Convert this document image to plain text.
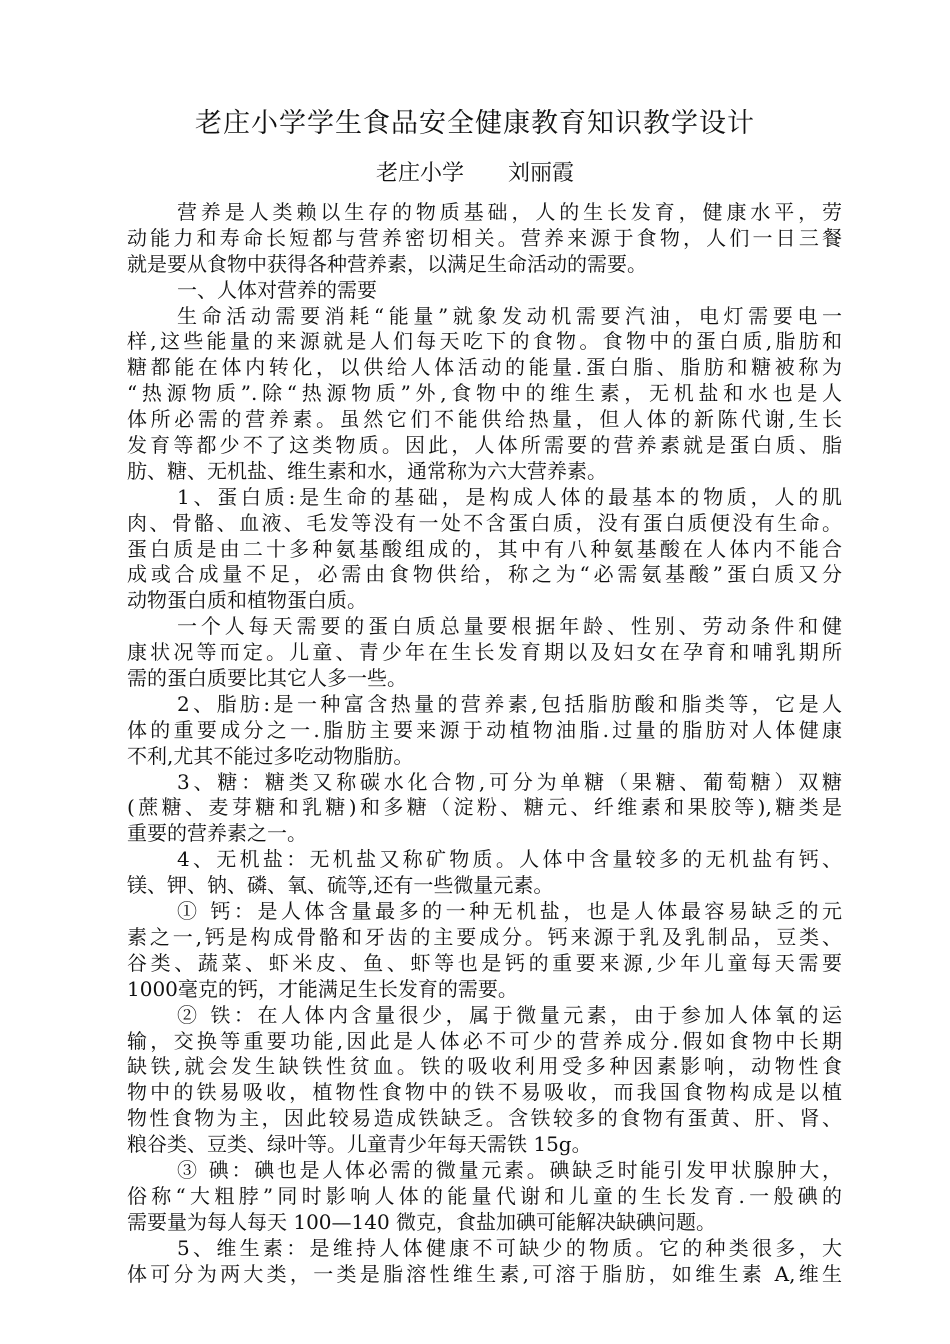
老庄小学学生食品安全健康教育知识教学设计
老庄小学 刘丽霞
营养是人类赖以生存的物质基础，人的生长发育，健康水平，劳
动能力和寿命长短都与营养密切相关。营养来源于食物，人们一日三餐
就是要从食物中获得各种营养素，以满足生命活动的需要。
一、人体对营养的需要
生命活动需要消耗“能量”就象发动机需要汽油，电灯需要电一
样,这些能量的来源就是人们每天吃下的食物。食物中的蛋白质,脂肪和
糖都能在体内转化，以供给人体活动的能量.蛋白脂、脂肪和糖被称为
“热源物质”.除“热源物质”外,食物中的维生素，无机盐和水也是人
体所必需的营养素。虽然它们不能供给热量，但人体的新陈代谢,生长
发育等都少不了这类物质。因此，人体所需要的营养素就是蛋白质、脂
肪、糖、无机盐、维生素和水，通常称为六大营养素。
1、蛋白质:是生命的基础，是构成人体的最基本的物质，人的肌
肉、骨骼、血液、毛发等没有一处不含蛋白质，没有蛋白质便没有生命。
蛋白质是由二十多种氨基酸组成的，其中有八种氨基酸在人体内不能合
成或合成量不足，必需由食物供给，称之为“必需氨基酸”蛋白质又分
动物蛋白质和植物蛋白质。
一个人每天需要的蛋白质总量要根据年龄、性别、劳动条件和健
康状况等而定。儿童、青少年在生长发育期以及妇女在孕育和哺乳期所
需的蛋白质要比其它人多一些。
2、脂肪:是一种富含热量的营养素,包括脂肪酸和脂类等，它是人
体的重要成分之一.脂肪主要来源于动植物油脂.过量的脂肪对人体健康
不利,尤其不能过多吃动物脂肪。
3、糖：糖类又称碳水化合物,可分为单糖（果糖、葡萄糖）双糖
(蔗糖、麦芽糖和乳糖)和多糖（淀粉、糖元、纤维素和果胶等),糖类是
重要的营养素之一。
4、无机盐：无机盐又称矿物质。人体中含量较多的无机盐有钙、
镁、钾、钠、磷、氧、硫等,还有一些微量元素。
① 钙：是人体含量最多的一种无机盐，也是人体最容易缺乏的元
素之一,钙是构成骨骼和牙齿的主要成分。钙来源于乳及乳制品，豆类、
谷类、蔬菜、虾米皮、鱼、虾等也是钙的重要来源,少年儿童每天需要
1000毫克的钙，才能满足生长发育的需要。
② 铁：在人体内含量很少，属于微量元素，由于参加人体氧的运
输，交换等重要功能,因此是人体必不可少的营养成分.假如食物中长期
缺铁,就会发生缺铁性贫血。铁的吸收利用受多种因素影响，动物性食
物中的铁易吸收，植物性食物中的铁不易吸收，而我国食物构成是以植
物性食物为主，因此较易造成铁缺乏。含铁较多的食物有蛋黄、肝、肾、
粮谷类、豆类、绿叶等。儿童青少年每天需铁 15g。
③ 碘：碘也是人体必需的微量元素。碘缺乏时能引发甲状腺肿大，
俗称“大粗脖”同时影响人体的能量代谢和儿童的生长发育.一般碘的
需要量为每人每天 100—140 微克，食盐加碘可能解决缺碘问题。
5、维生素：是维持人体健康不可缺少的物质。它的种类很多，大
体可分为两大类，一类是脂溶性维生素,可溶于脂肪，如维生素 A,维生
